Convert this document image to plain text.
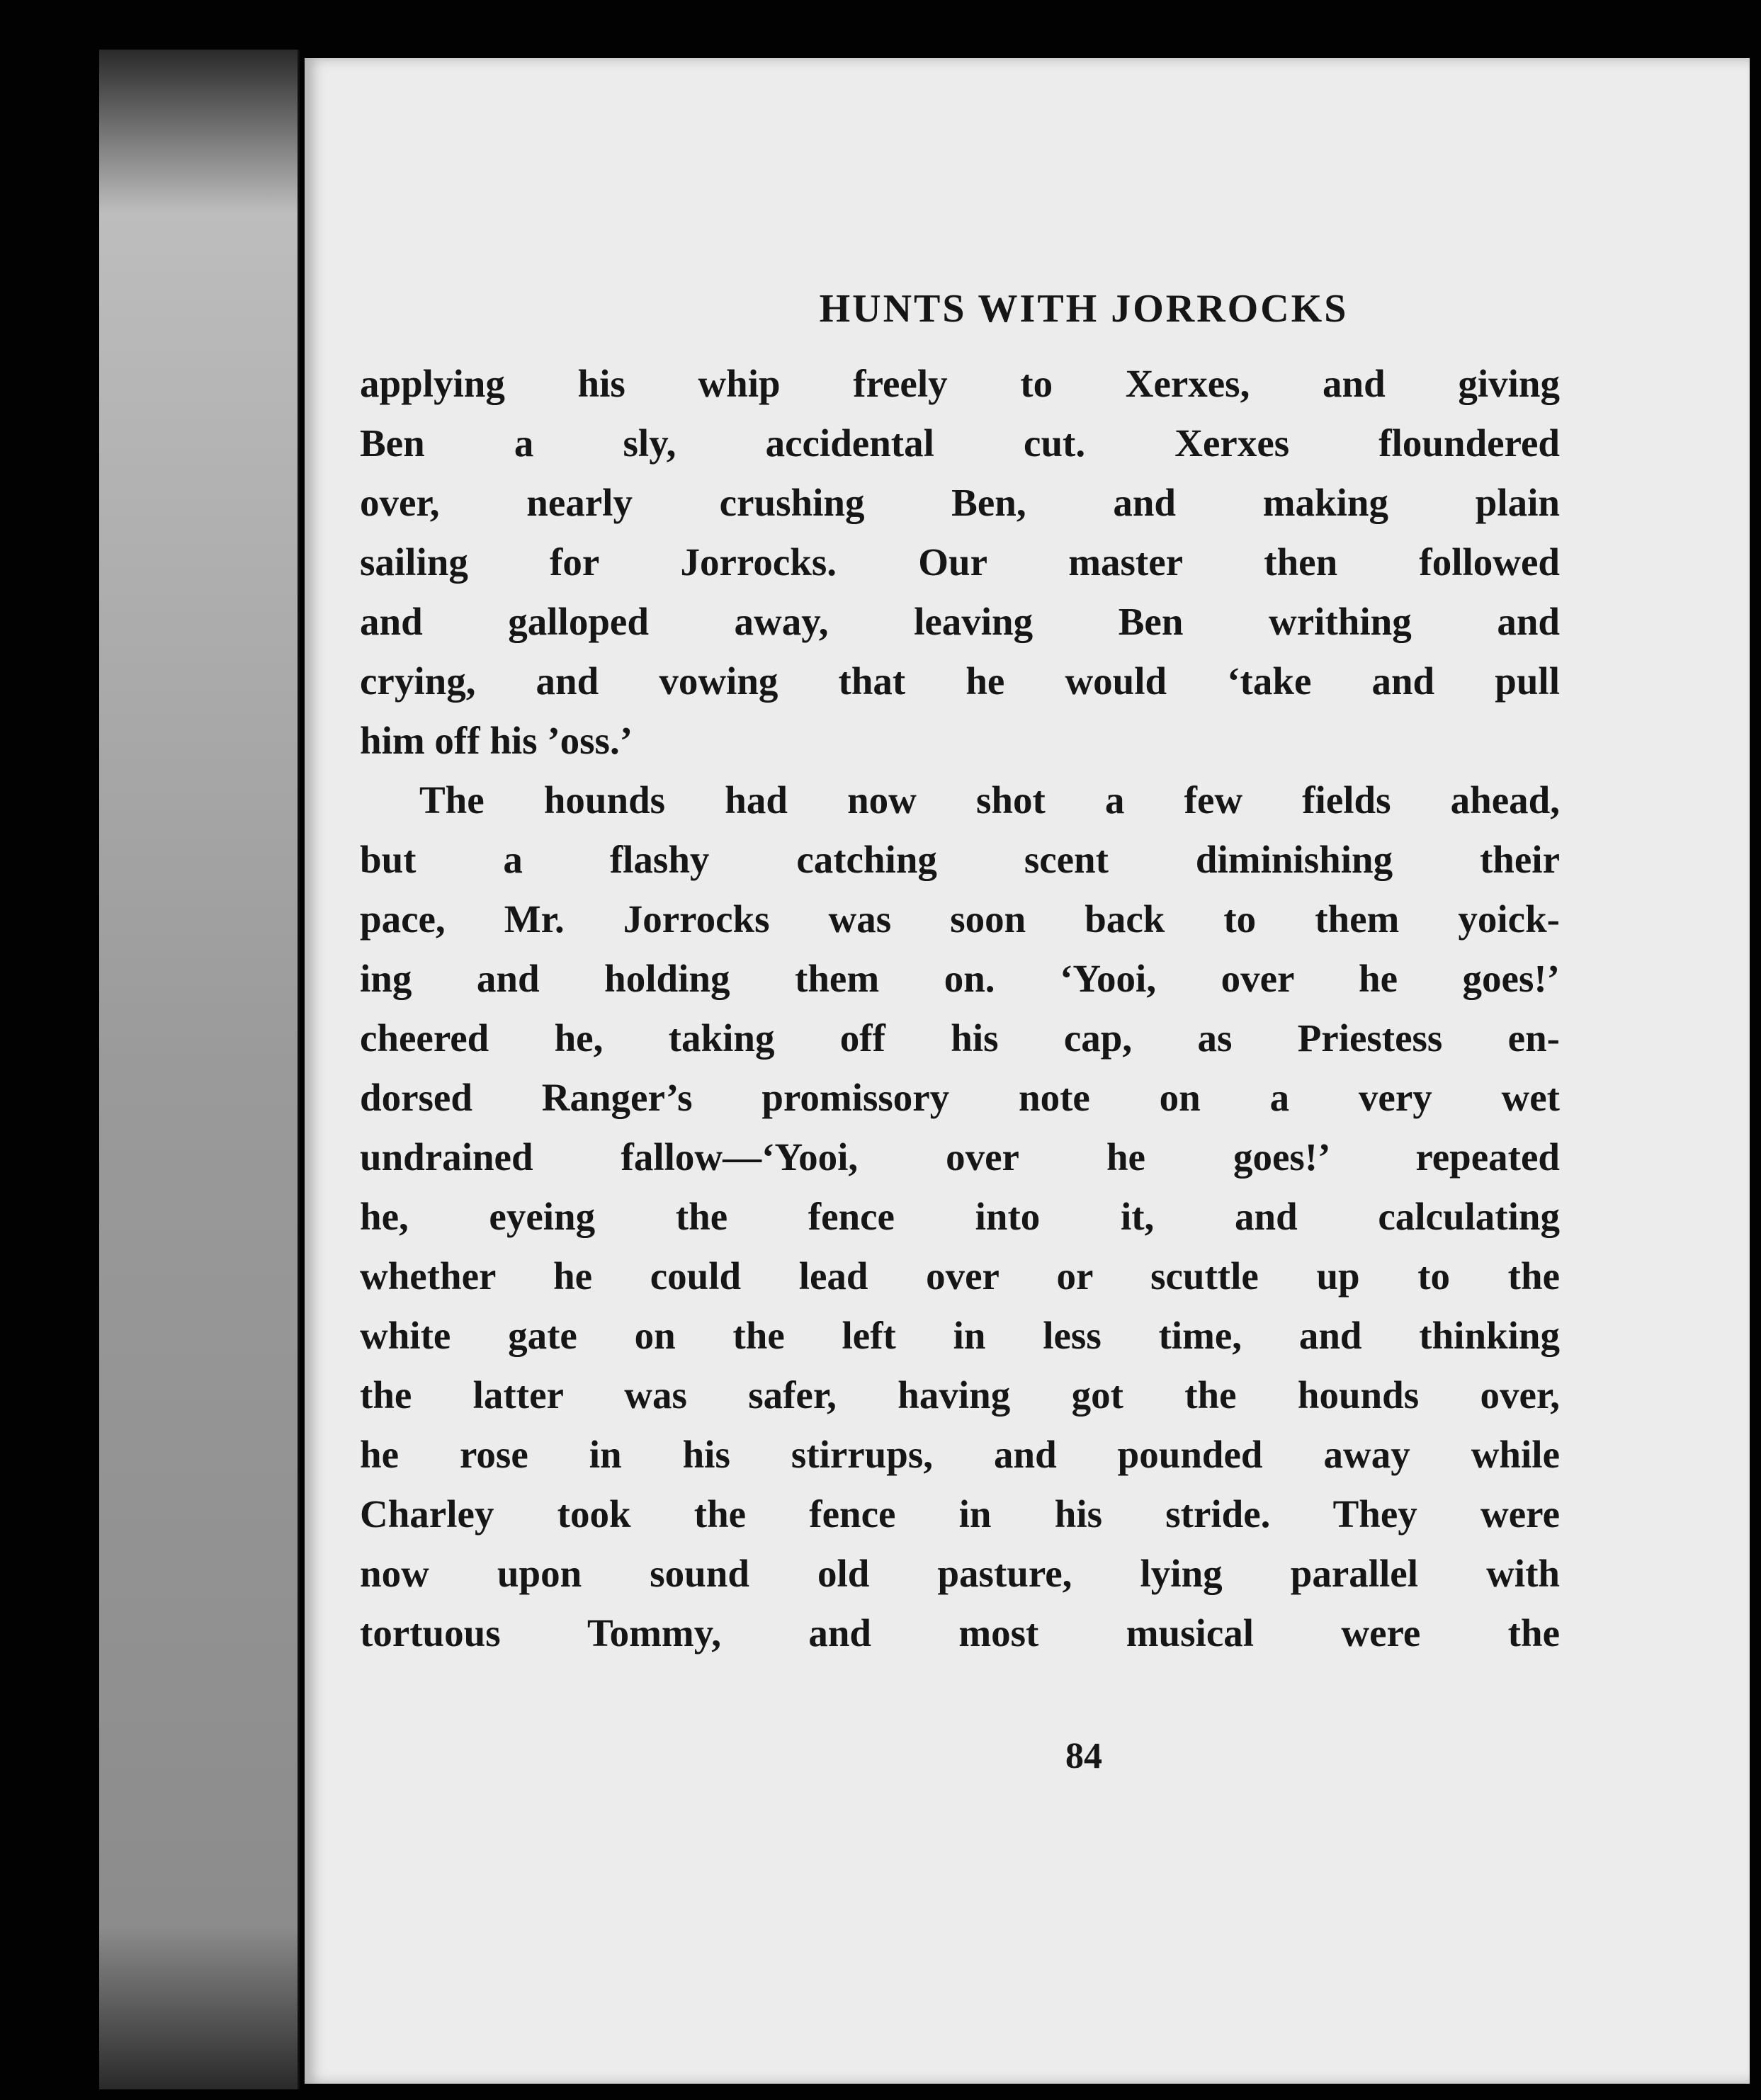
HUNTS WITH JORROCKS
84
applying his whip freely to Xerxes, and giving
Ben a sly, accidental cut. Xerxes floundered
over, nearly crushing Ben, and making plain
sailing for Jorrocks. Our master then followed
and galloped away, leaving Ben writhing and
crying, and vowing that he would ‘take and pull
him off his ’oss.’
The hounds had now shot a few fields ahead,
but a flashy catching scent diminishing their
pace, Mr. Jorrocks was soon back to them yoick-
ing and holding them on. ‘Yooi, over he goes!’
cheered he, taking off his cap, as Priestess en-
dorsed Ranger’s promissory note on a very wet
undrained fallow—‘Yooi, over he goes!’ repeated
he, eyeing the fence into it, and calculating
whether he could lead over or scuttle up to the
white gate on the left in less time, and thinking
the latter was safer, having got the hounds over,
he rose in his stirrups, and pounded away while
Charley took the fence in his stride. They were
now upon sound old pasture, lying parallel with
tortuous Tommy, and most musical were the
